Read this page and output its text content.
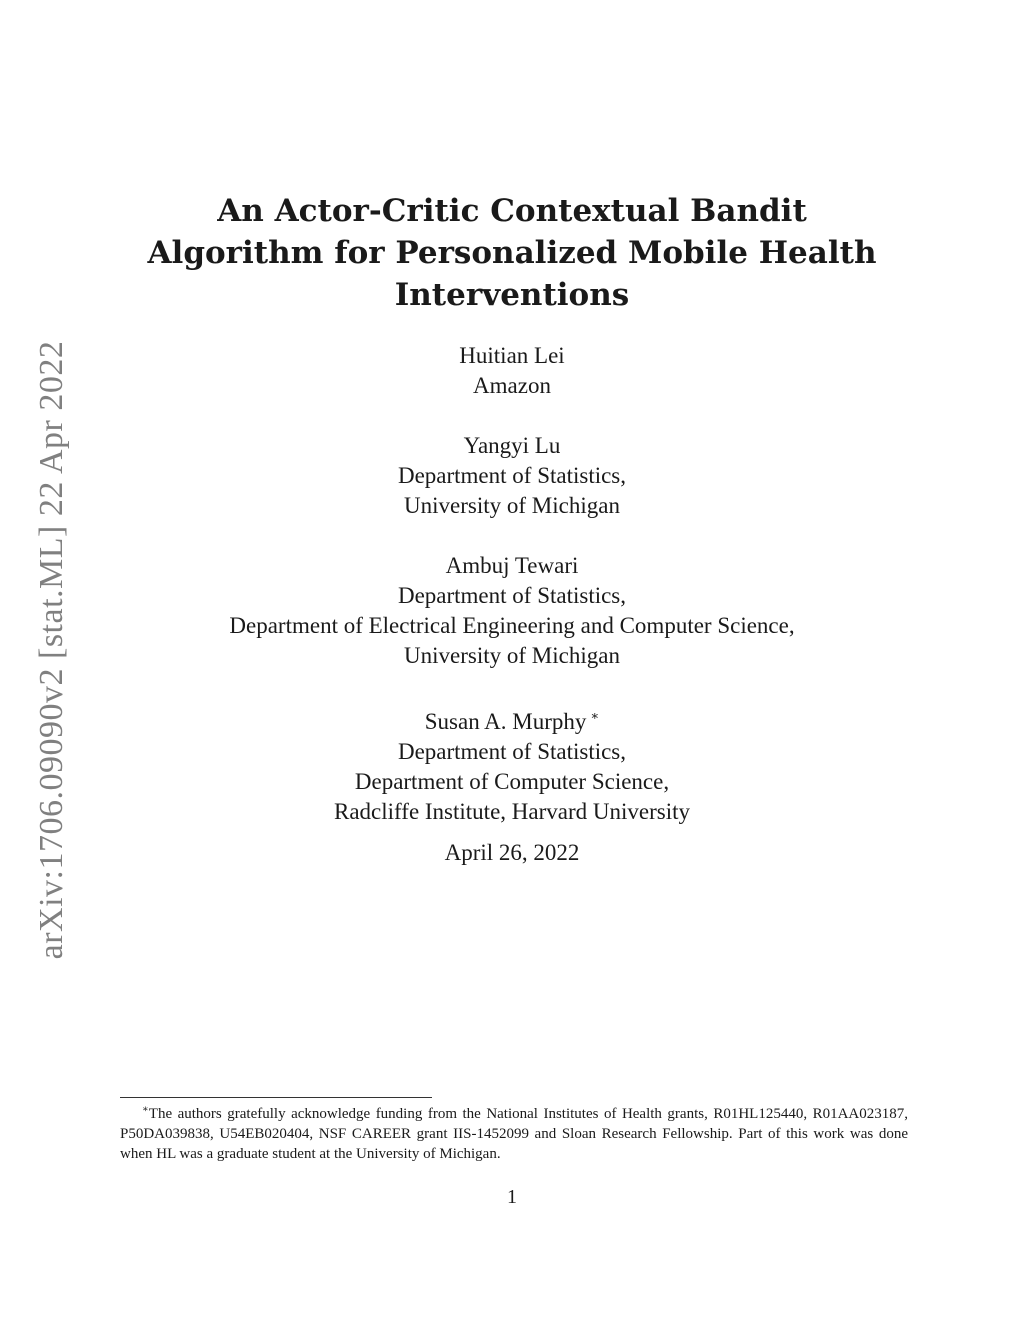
arXiv:1706.09090v2 [stat.ML] 22 Apr 2022
An Actor-Critic Contextual Bandit
Algorithm for Personalized Mobile Health
Interventions
Huitian Lei
Amazon
Yangyi Lu
Department of Statistics,
University of Michigan
Ambuj Tewari
Department of Statistics,
Department of Electrical Engineering and Computer Science,
University of Michigan
Susan A. Murphy ∗
Department of Statistics,
Department of Computer Science,
Radcliffe Institute, Harvard University
April 26, 2022
∗The authors gratefully acknowledge funding from the National Institutes of Health grants, R01HL125440, R01AA023187, P50DA039838, U54EB020404, NSF CAREER grant IIS-1452099 and Sloan Research Fellowship. Part of this work was done when HL was a graduate student at the University of Michigan.
1
